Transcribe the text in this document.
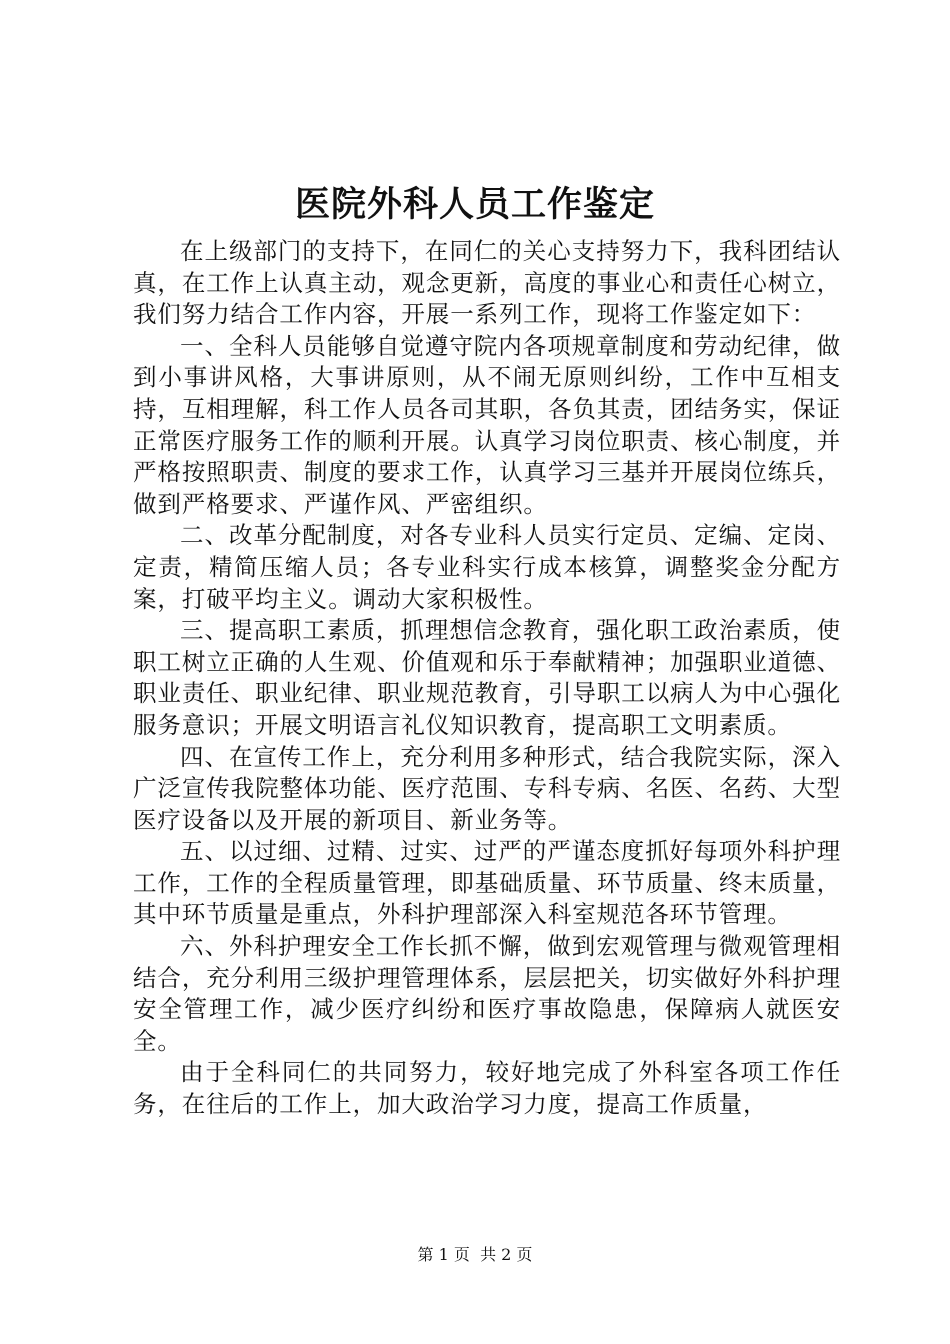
医院外科人员工作鉴定

在上级部门的支持下，在同仁的关心支持努力下，我科团结认真，在工作上认真主动，观念更新，高度的事业心和责任心树立，我们努力结合工作内容，开展一系列工作，现将工作鉴定如下：

一、全科人员能够自觉遵守院内各项规章制度和劳动纪律，做到小事讲风格，大事讲原则，从不闹无原则纠纷，工作中互相支持，互相理解，科工作人员各司其职，各负其责，团结务实，保证正常医疗服务工作的顺利开展。认真学习岗位职责、核心制度，并严格按照职责、制度的要求工作，认真学习三基并开展岗位练兵，做到严格要求、严谨作风、严密组织。

二、改革分配制度，对各专业科人员实行定员、定编、定岗、定责，精简压缩人员；各专业科实行成本核算，调整奖金分配方案，打破平均主义。调动大家积极性。

三、提高职工素质，抓理想信念教育，强化职工政治素质，使职工树立正确的人生观、价值观和乐于奉献精神；加强职业道德、职业责任、职业纪律、职业规范教育，引导职工以病人为中心强化服务意识；开展文明语言礼仪知识教育，提高职工文明素质。

四、在宣传工作上，充分利用多种形式，结合我院实际，深入广泛宣传我院整体功能、医疗范围、专科专病、名医、名药、大型医疗设备以及开展的新项目、新业务等。

五、以过细、过精、过实、过严的严谨态度抓好每项外科护理工作，工作的全程质量管理，即基础质量、环节质量、终末质量，其中环节质量是重点，外科护理部深入科室规范各环节管理。

六、外科护理安全工作长抓不懈，做到宏观管理与微观管理相结合，充分利用三级护理管理体系，层层把关，切实做好外科护理安全管理工作，减少医疗纠纷和医疗事故隐患，保障病人就医安全。

由于全科同仁的共同努力，较好地完成了外科室各项工作任务，在往后的工作上，加大政治学习力度，提高工作质量，

第 1 页 共 2 页
